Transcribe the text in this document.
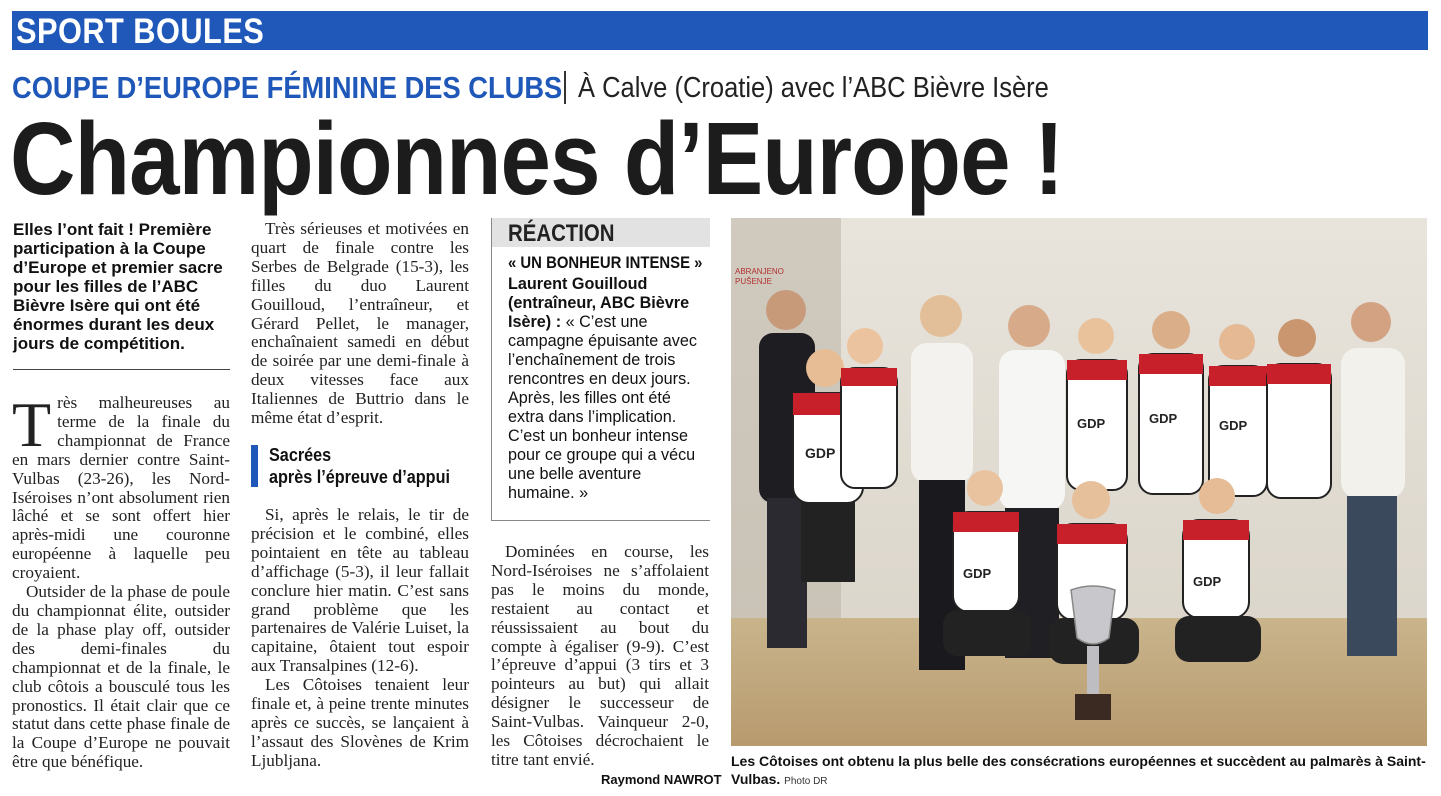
SPORT BOULES
COUPE D’EUROPE FÉMININE DES CLUBS À Calve (Croatie) avec l’ABC Bièvre Isère
Championnes d’Europe !
Elles l’ont fait ! Première participation à la Coupe d’Europe et premier sacre pour les filles de l’ABC Bièvre Isère qui ont été énormes durant les deux jours de compétition.

Très malheureuses au terme de la finale du championnat de France en mars dernier contre Saint-Vulbas (23-26), les Nord-Iséroises n’ont absolument rien lâché et se sont offert hier après-midi une couronne européenne à laquelle peu croyaient.

Outsider de la phase de poule du championnat élite, outsider de la phase play off, outsider des demi-finales du championnat et de la finale, le club côtois a bousculé tous les pronostics. Il était clair que ce statut dans cette phase finale de la Coupe d’Europe ne pouvait être que bénéfique.

Très sérieuses et motivées en quart de finale contre les Serbes de Belgrade (15-3), les filles du duo Laurent Gouilloud, l’entraîneur, et Gérard Pellet, le manager, enchaînaient samedi en début de soirée par une demi-finale à deux vitesses face aux Italiennes de Buttrio dans le même état d’esprit.

Sacrées
après l’épreuve d’appui

Si, après le relais, le tir de précision et le combiné, elles pointaient en tête au tableau d’affichage (5-3), il leur fallait conclure hier matin. C’est sans grand problème que les partenaires de Valérie Luiset, la capitaine, ôtaient tout espoir aux Transalpines (12-6).

Les Côtoises tenaient leur finale et, à peine trente minutes après ce succès, se lançaient à l’assaut des Slovènes de Krim Ljubljana.

RÉACTION
« UN BONHEUR INTENSE »
Laurent Gouilloud (entraîneur, ABC Bièvre Isère) : « C’est une campagne épuisante avec l’enchaînement de trois rencontres en deux jours. Après, les filles ont été extra dans l’implication. C’est un bonheur intense pour ce groupe qui a vécu une belle aventure humaine. »

Dominées en course, les Nord-Iséroises ne s’affolaient pas le moins du monde, restaient au contact et réussissaient au bout du compte à égaliser (9-9). C’est l’épreuve d’appui (3 tirs et 3 pointeurs au but) qui allait désigner le successeur de Saint-Vulbas. Vainqueur 2-0, les Côtoises décrochaient le titre tant envié.

Raymond NAWROT
ABRANJENO
PUŠENJE
GDP
GDP	GDP	GDP
GDP
GDP
Les Côtoises ont obtenu la plus belle des consécrations européennes et succèdent au palmarès à Saint-Vulbas. Photo DR
